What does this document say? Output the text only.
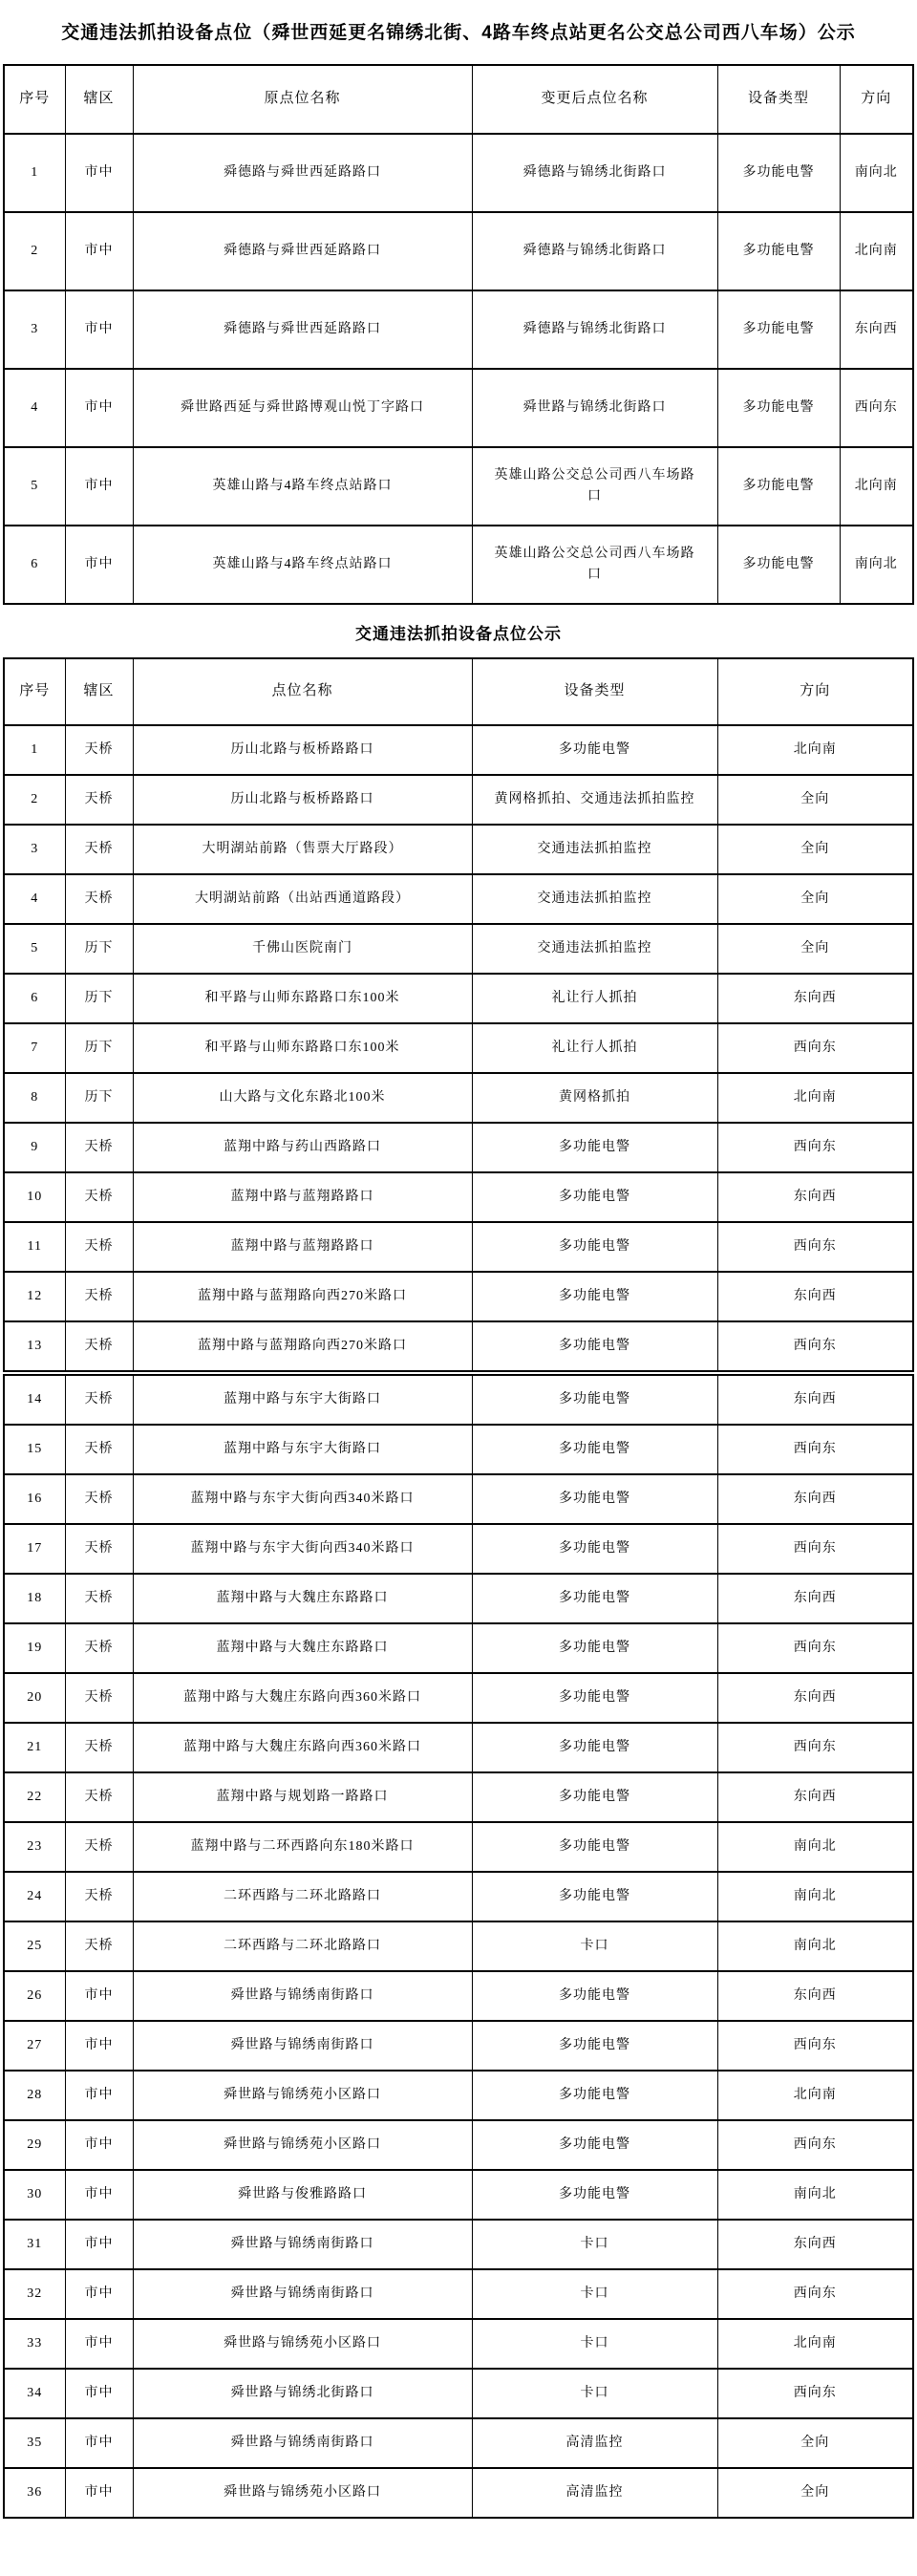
交通违法抓拍设备点位（舜世西延更名锦绣北街、4路车终点站更名公交总公司西八车场）公示
序号	辖区	原点位名称	变更后点位名称	设备类型	方向
1	市中	舜德路与舜世西延路路口	舜德路与锦绣北街路口	多功能电警	南向北
2	市中	舜德路与舜世西延路路口	舜德路与锦绣北街路口	多功能电警	北向南
3	市中	舜德路与舜世西延路路口	舜德路与锦绣北街路口	多功能电警	东向西
4	市中	舜世路西延与舜世路博观山悦丁字路口	舜世路与锦绣北街路口	多功能电警	西向东
5	市中	英雄山路与4路车终点站路口	英雄山路公交总公司西八车场路口	多功能电警	北向南
6	市中	英雄山路与4路车终点站路口	英雄山路公交总公司西八车场路口	多功能电警	南向北
交通违法抓拍设备点位公示
序号	辖区	点位名称	设备类型	方向
1	天桥	历山北路与板桥路路口	多功能电警	北向南
2	天桥	历山北路与板桥路路口	黄网格抓拍、交通违法抓拍监控	全向
3	天桥	大明湖站前路（售票大厅路段）	交通违法抓拍监控	全向
4	天桥	大明湖站前路（出站西通道路段）	交通违法抓拍监控	全向
5	历下	千佛山医院南门	交通违法抓拍监控	全向
6	历下	和平路与山师东路路口东100米	礼让行人抓拍	东向西
7	历下	和平路与山师东路路口东100米	礼让行人抓拍	西向东
8	历下	山大路与文化东路北100米	黄网格抓拍	北向南
9	天桥	蓝翔中路与药山西路路口	多功能电警	西向东
10	天桥	蓝翔中路与蓝翔路路口	多功能电警	东向西
11	天桥	蓝翔中路与蓝翔路路口	多功能电警	西向东
12	天桥	蓝翔中路与蓝翔路向西270米路口	多功能电警	东向西
13	天桥	蓝翔中路与蓝翔路向西270米路口	多功能电警	西向东
14	天桥	蓝翔中路与东宇大街路口	多功能电警	东向西
15	天桥	蓝翔中路与东宇大街路口	多功能电警	西向东
16	天桥	蓝翔中路与东宇大街向西340米路口	多功能电警	东向西
17	天桥	蓝翔中路与东宇大街向西340米路口	多功能电警	西向东
18	天桥	蓝翔中路与大魏庄东路路口	多功能电警	东向西
19	天桥	蓝翔中路与大魏庄东路路口	多功能电警	西向东
20	天桥	蓝翔中路与大魏庄东路向西360米路口	多功能电警	东向西
21	天桥	蓝翔中路与大魏庄东路向西360米路口	多功能电警	西向东
22	天桥	蓝翔中路与规划路一路路口	多功能电警	东向西
23	天桥	蓝翔中路与二环西路向东180米路口	多功能电警	南向北
24	天桥	二环西路与二环北路路口	多功能电警	南向北
25	天桥	二环西路与二环北路路口	卡口	南向北
26	市中	舜世路与锦绣南街路口	多功能电警	东向西
27	市中	舜世路与锦绣南街路口	多功能电警	西向东
28	市中	舜世路与锦绣苑小区路口	多功能电警	北向南
29	市中	舜世路与锦绣苑小区路口	多功能电警	西向东
30	市中	舜世路与俊雅路路口	多功能电警	南向北
31	市中	舜世路与锦绣南街路口	卡口	东向西
32	市中	舜世路与锦绣南街路口	卡口	西向东
33	市中	舜世路与锦绣苑小区路口	卡口	北向南
34	市中	舜世路与锦绣北街路口	卡口	西向东
35	市中	舜世路与锦绣南街路口	高清监控	全向
36	市中	舜世路与锦绣苑小区路口	高清监控	全向
